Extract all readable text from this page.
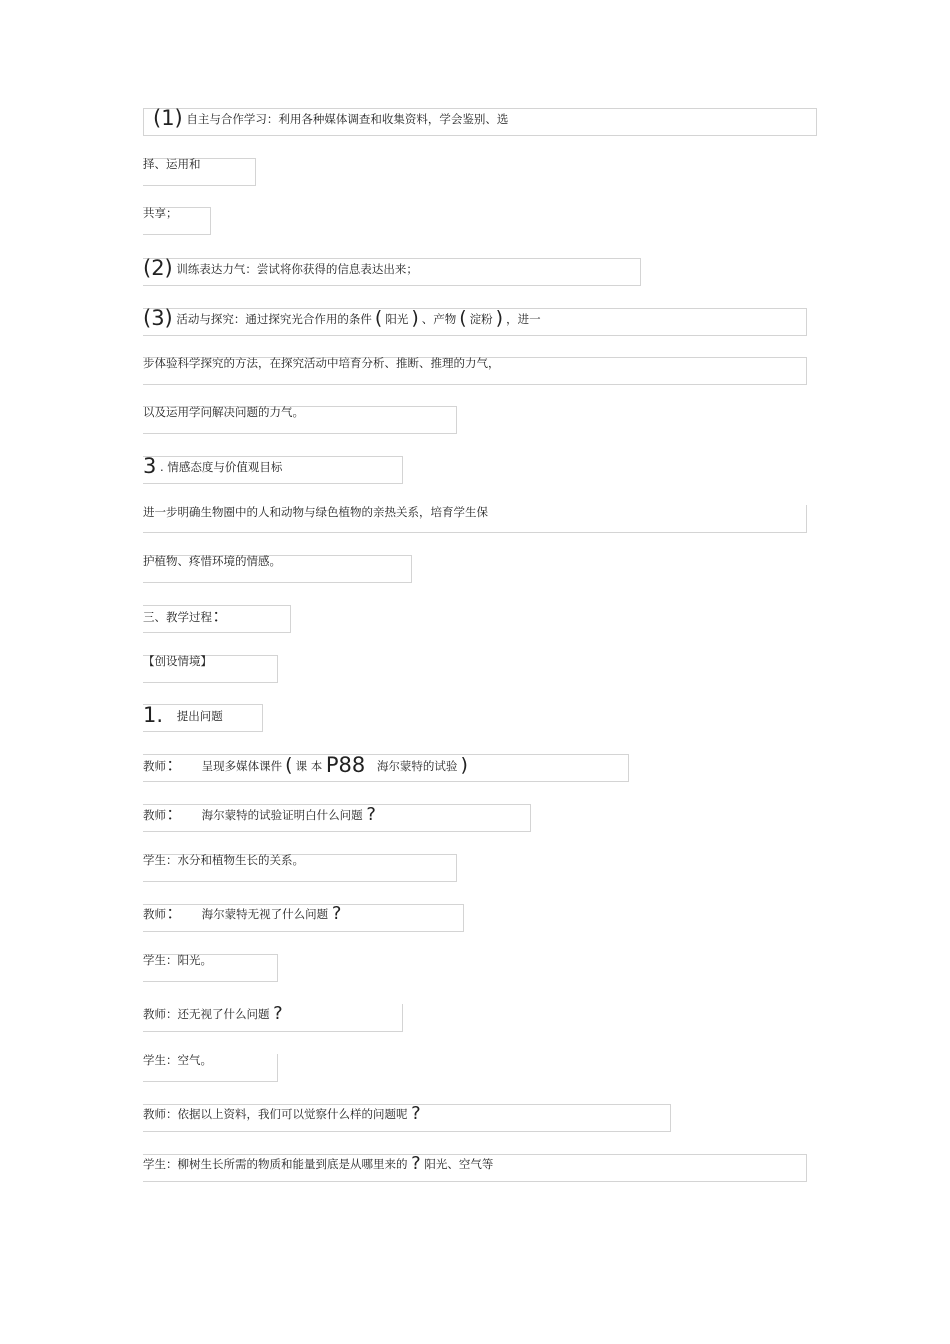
(1) 自主与合作学习：利用各种媒体调查和收集资料，学会鉴别、选
择、运用和
共享；
(2) 训练表达力气：尝试将你获得的信息表达出来；
(3) 活动与探究：通过探究光合作用的条件 ( 阳光 ) 、产物 ( 淀粉 ) ，进一
步体验科学探究的方法，在探究活动中培育分析、推断、推理的力气，
以及运用学问解决问题的力气。
3 . 情感态度与价值观目标
进一步明确生物圈中的人和动物与绿色植物的亲热关系，培育学生保
护植物、疼惜环境的情感。
三、教学过程：
【创设情境】
1. 提出问题
教师： 呈现多媒体课件 ( 课 本 P88 海尔蒙特的试验 )
教师： 海尔蒙特的试验证明白什么问题 ?
学生：水分和植物生长的关系。
教师： 海尔蒙特无视了什么问题 ?
学生：阳光。
教师：还无视了什么问题 ?
学生：空气。
教师：依据以上资料，我们可以觉察什么样的问题呢 ?
学生：柳树生长所需的物质和能量到底是从哪里来的 ? 阳光、空气等
